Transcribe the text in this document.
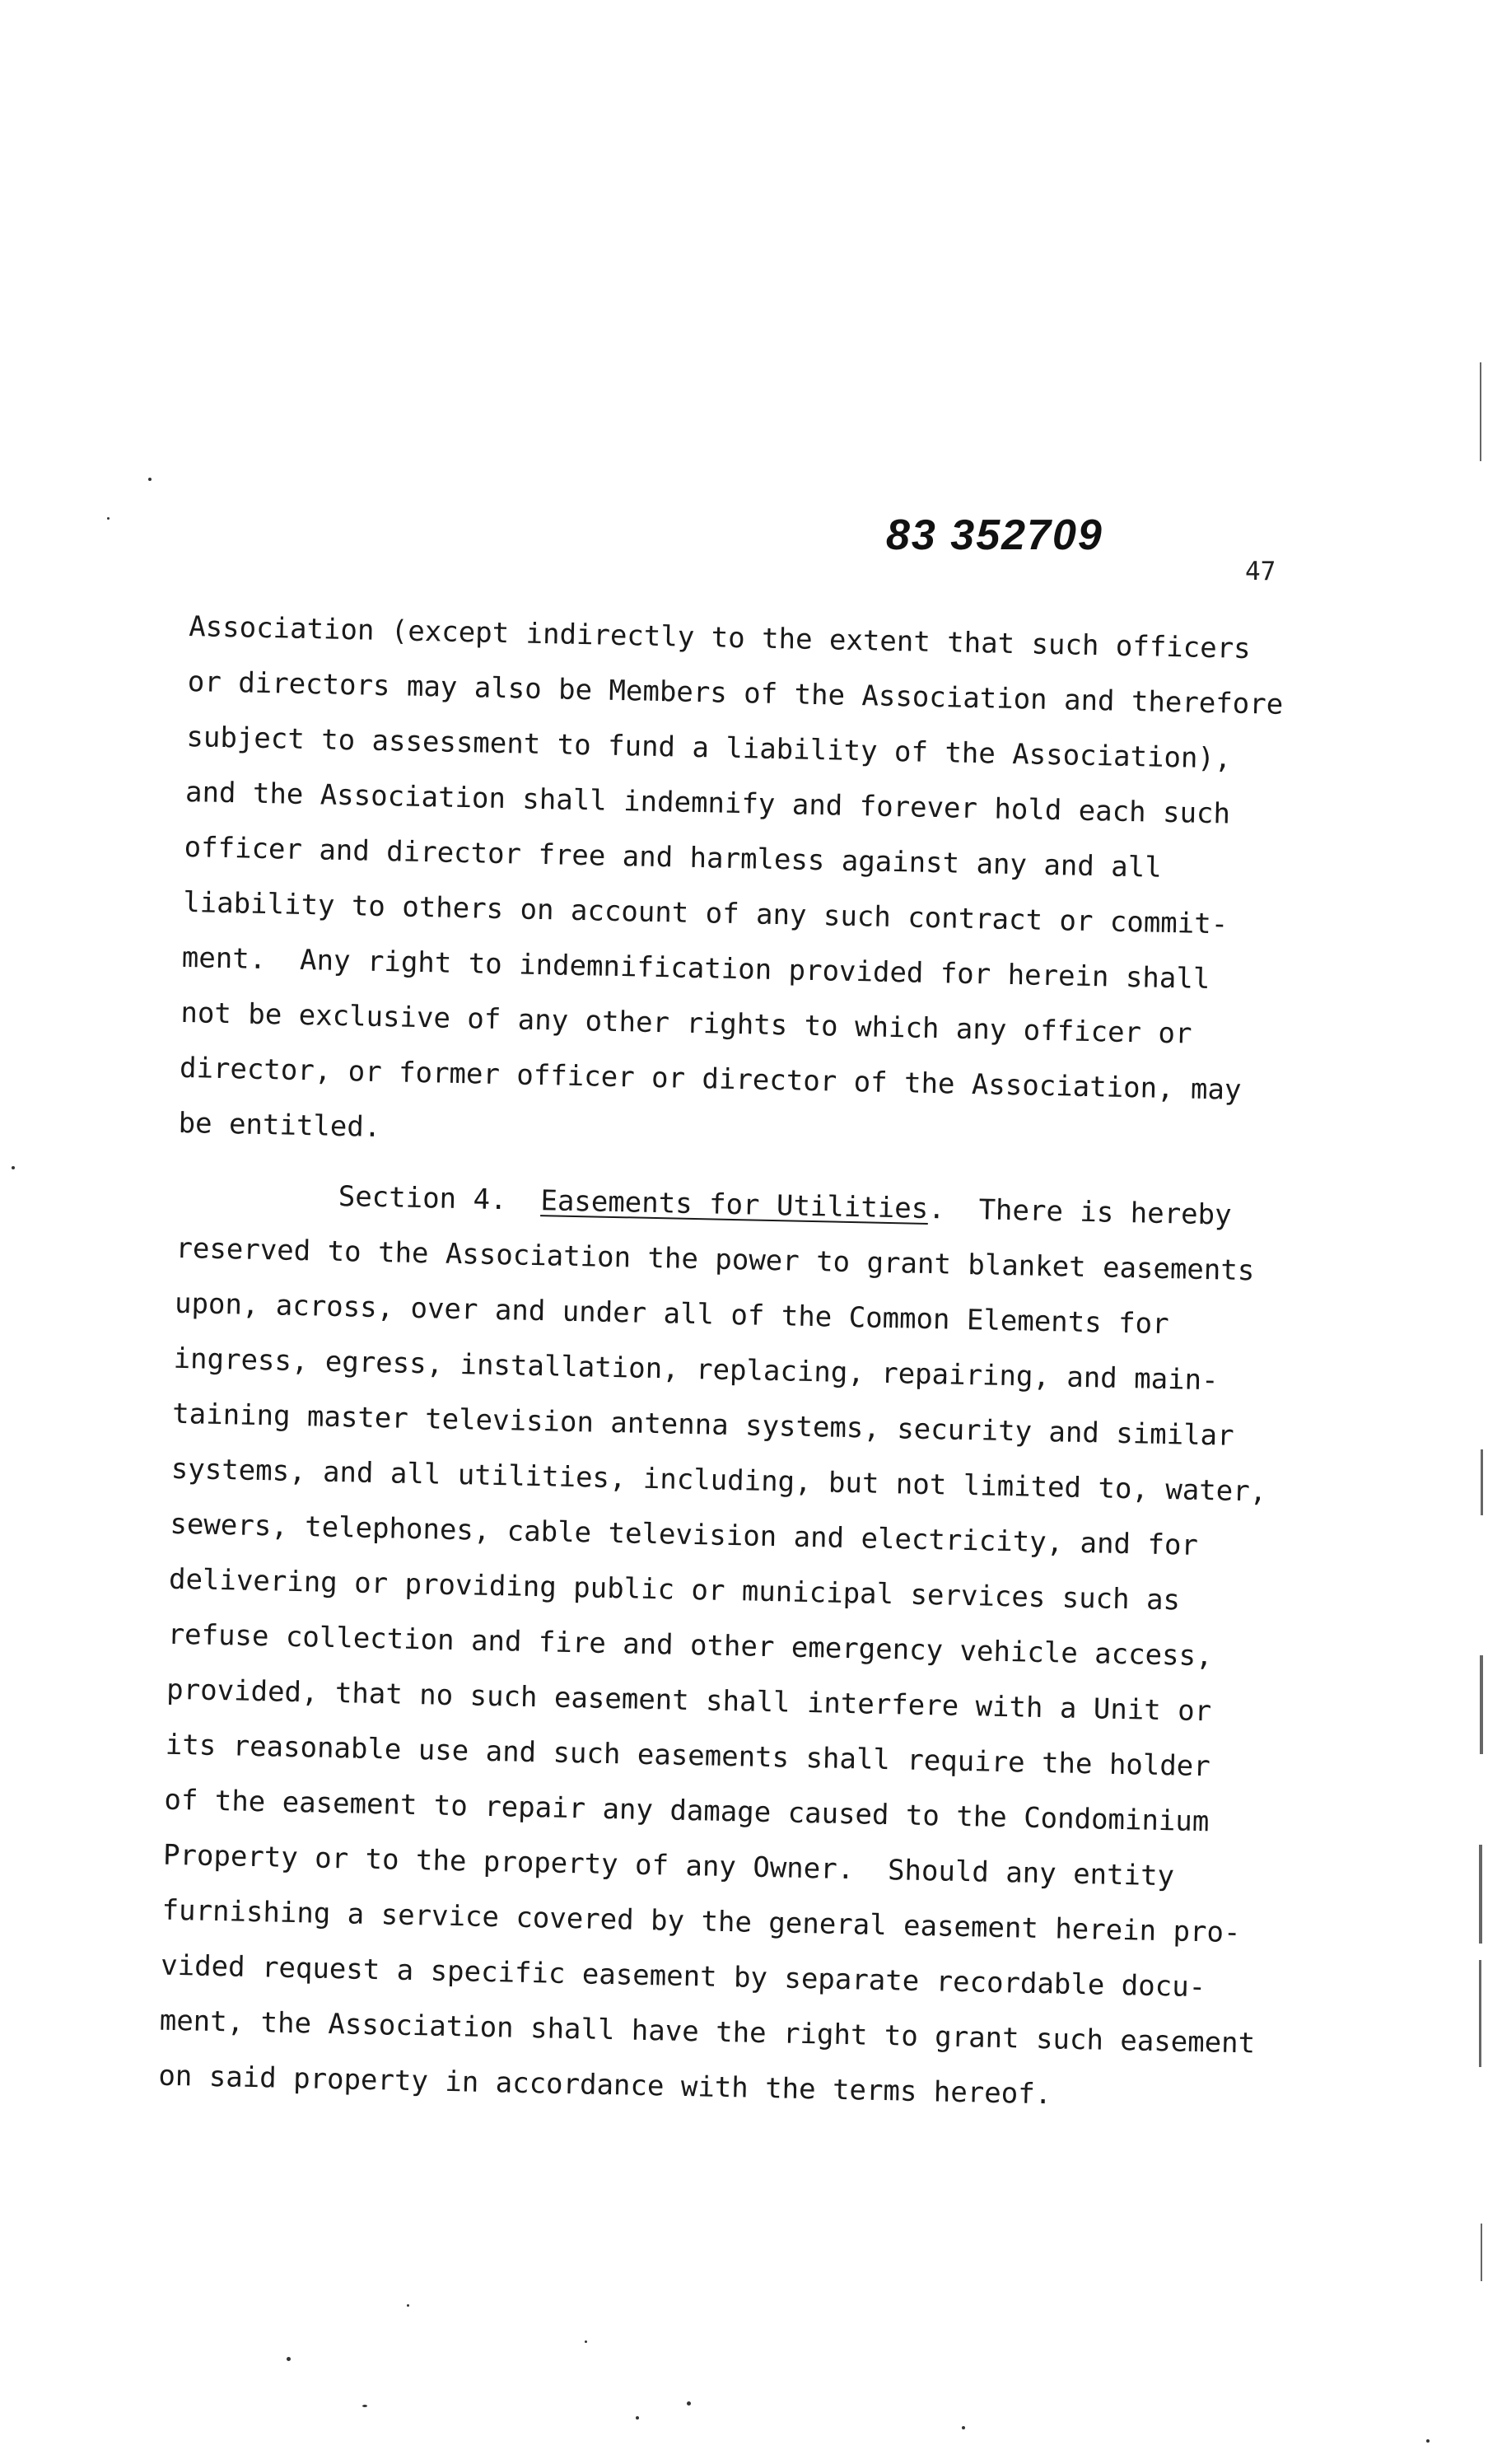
83 352709
47
Association (except indirectly to the extent that such officers
or directors may also be Members of the Association and therefore
subject to assessment to fund a liability of the Association),
and the Association shall indemnify and forever hold each such
officer and director free and harmless against any and all
liability to others on account of any such contract or commit-
ment.  Any right to indemnification provided for herein shall
not be exclusive of any other rights to which any officer or
director, or former officer or director of the Association, may
be entitled.
Section 4. Easements for Utilities.  There is hereby
reserved to the Association the power to grant blanket easements
upon, across, over and under all of the Common Elements for
ingress, egress, installation, replacing, repairing, and main-
taining master television antenna systems, security and similar
systems, and all utilities, including, but not limited to, water,
sewers, telephones, cable television and electricity, and for
delivering or providing public or municipal services such as
refuse collection and fire and other emergency vehicle access,
provided, that no such easement shall interfere with a Unit or
its reasonable use and such easements shall require the holder
of the easement to repair any damage caused to the Condominium
Property or to the property of any Owner.  Should any entity
furnishing a service covered by the general easement herein pro-
vided request a specific easement by separate recordable docu-
ment, the Association shall have the right to grant such easement
on said property in accordance with the terms hereof.
